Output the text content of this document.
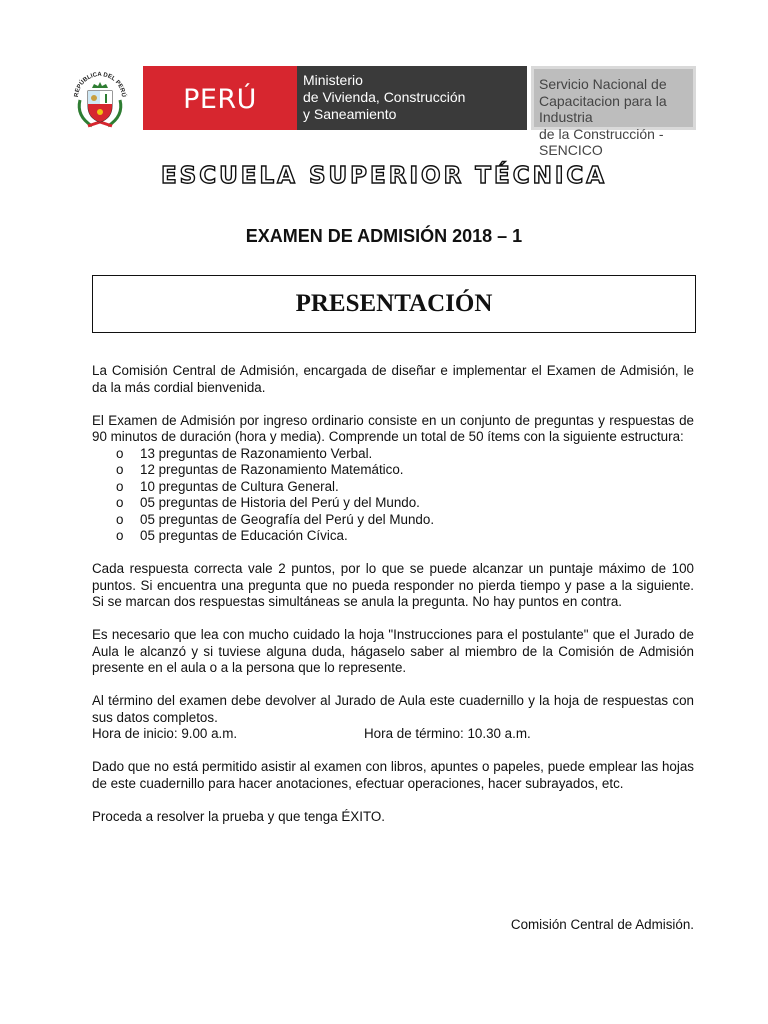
REPÚBLICA DEL PERÚ	PERÚ
Ministerio
de Vivienda, Construcción
y Saneamiento
Servicio Nacional de
Capacitacion para la Industria
de la Construcción - SENCICO
ESCUELA SUPERIOR TÉCNICA
EXAMEN DE ADMISIÓN 2018 – 1
PRESENTACIÓN

La Comisión Central de Admisión, encargada de diseñar e implementar el Examen de Admisión, le da la más cordial bienvenida.

El Examen de Admisión por ingreso ordinario consiste en un conjunto de preguntas y respuestas de 90 minutos de duración (hora y media). Comprende un total de 50 ítems con la siguiente estructura:

o 13 preguntas de Razonamiento Verbal.
o 12 preguntas de Razonamiento Matemático.
o 10 preguntas de Cultura General.
o 05 preguntas de Historia del Perú y del Mundo.
o 05 preguntas de Geografía del Perú y del Mundo.
o 05 preguntas de Educación Cívica.

Cada respuesta correcta vale 2 puntos, por lo que se puede alcanzar un puntaje máximo de 100 puntos. Si encuentra una pregunta que no pueda responder no pierda tiempo y pase a la siguiente. Si se marcan dos respuestas simultáneas se anula la pregunta. No hay puntos en contra.

Es necesario que lea con mucho cuidado la hoja "Instrucciones para el postulante" que el Jurado de Aula le alcanzó y si tuviese alguna duda, hágaselo saber al miembro de la Comisión de Admisión presente en el aula o a la persona que lo represente.

Al término del examen debe devolver al Jurado de Aula este cuadernillo y la hoja de respuestas con sus datos completos.

Hora de inicio: 9.00 a.m.	Hora de término: 10.30 a.m.

Dado que no está permitido asistir al examen con libros, apuntes o papeles, puede emplear las hojas de este cuadernillo para hacer anotaciones, efectuar operaciones, hacer subrayados, etc.

Proceda a resolver la prueba y que tenga ÉXITO.

Comisión Central de Admisión.
